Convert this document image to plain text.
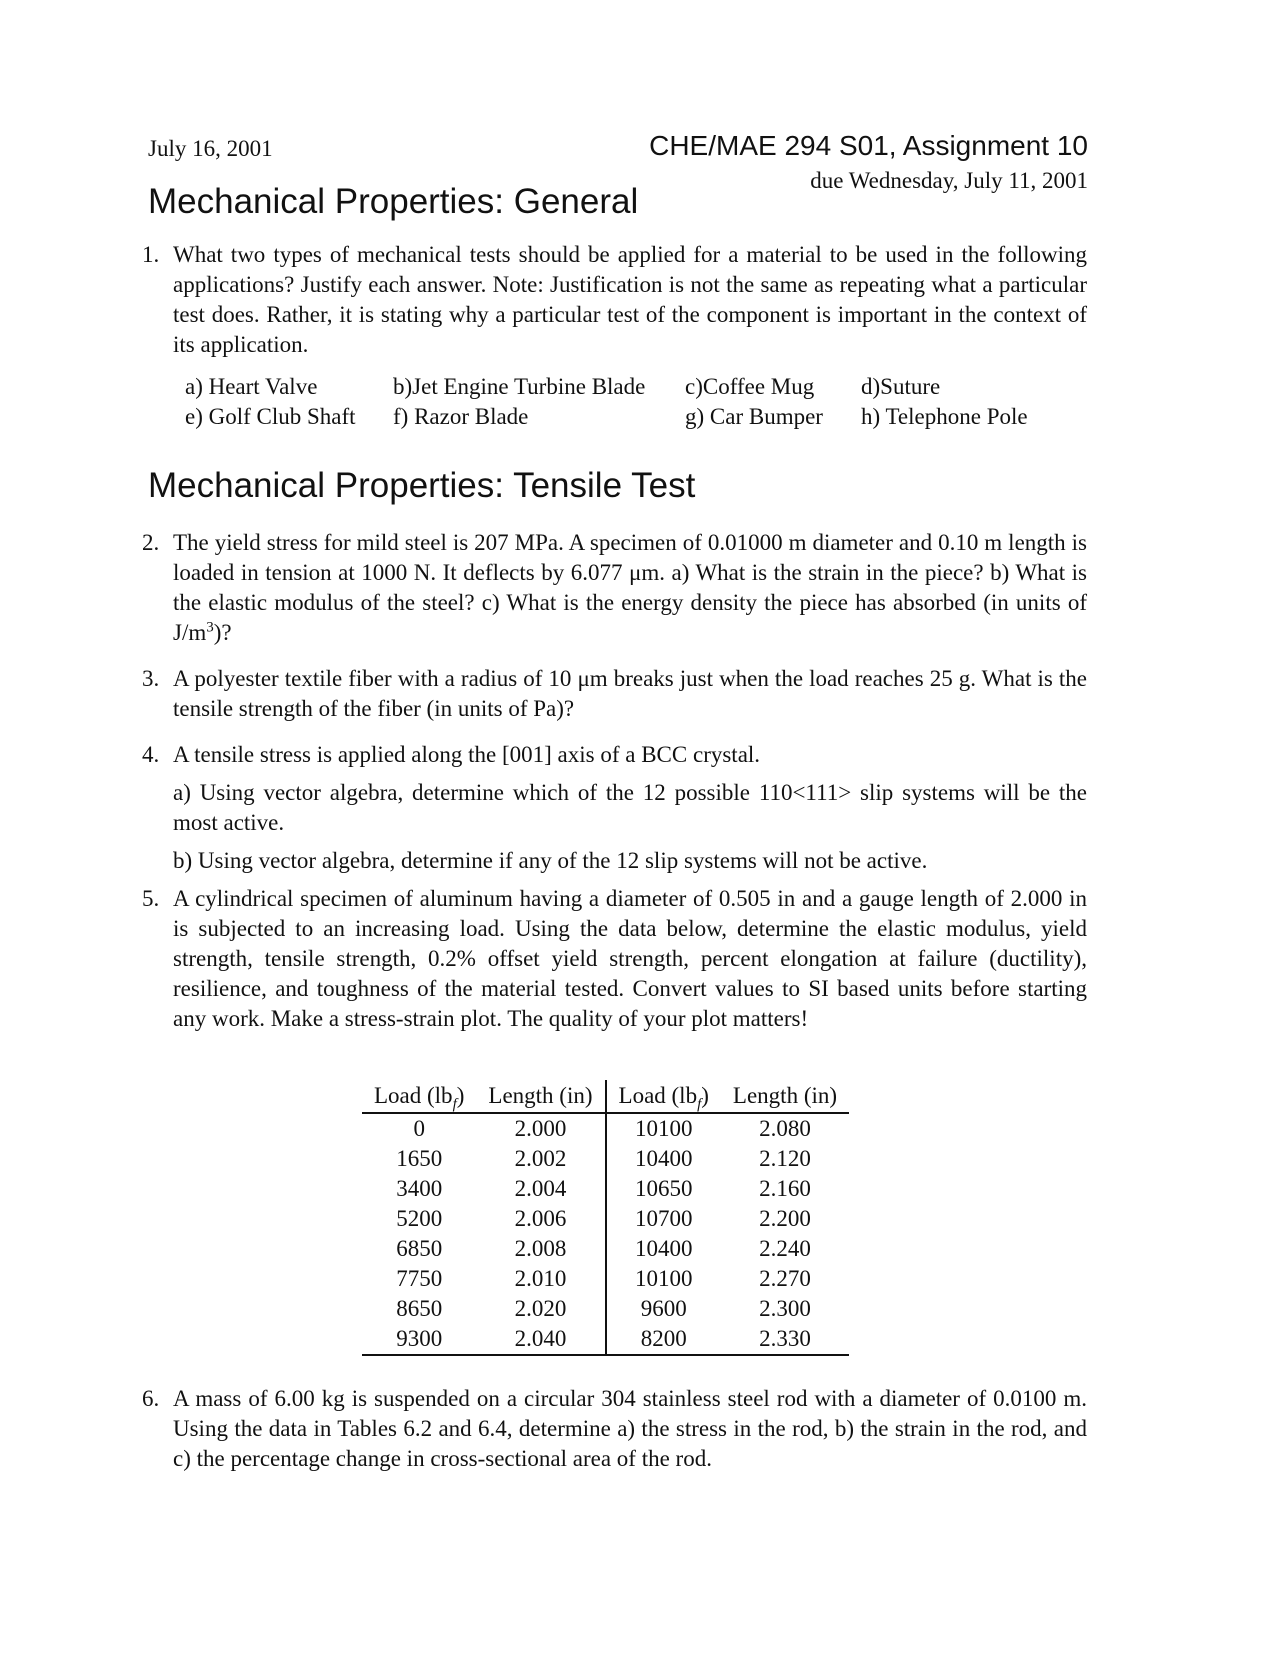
July 16, 2001	CHE/MAE 294 S01, Assignment 10
due Wednesday, July 11, 2001
Mechanical Properties: General
1. What two types of mechanical tests should be applied for a material to be used in the following applications? Justify each answer. Note: Justification is not the same as repeating what a particular test does. Rather, it is stating why a particular test of the component is important in the context of its application.
a) Heart Valve	b)Jet Engine Turbine Blade c)Coffee Mug d)Suture
e) Golf Club Shaft f) Razor Blade	g) Car Bumper h) Telephone Pole
Mechanical Properties: Tensile Test
2. The yield stress for mild steel is 207 MPa. A specimen of 0.01000 m diameter and 0.10 m length is loaded in tension at 1000 N. It deflects by 6.077 μm. a) What is the strain in the piece? b) What is the elastic modulus of the steel? c) What is the energy density the piece has absorbed (in units of $J/m^3$)?
3. A polyester textile fiber with a radius of 10 μm breaks just when the load reaches 25 g. What is the tensile strength of the fiber (in units of Pa)?
4. A tensile stress is applied along the [001] axis of a BCC crystal.
a) Using vector algebra, determine which of the 12 possible 110<111> slip systems will be the most active.
b) Using vector algebra, determine if any of the 12 slip systems will not be active.
5. A cylindrical specimen of aluminum having a diameter of 0.505 in and a gauge length of 2.000 in is subjected to an increasing load. Using the data below, determine the elastic modulus, yield strength, tensile strength, 0.2% offset yield strength, percent elongation at failure (ductility), resilience, and toughness of the material tested. Convert values to SI based units before starting any work. Make a stress-strain plot. The quality of your plot matters!
Load $(lb_f)$	Length (in)	Load $(lb_f)$	Length (in)
0	2.000	10100	2.080
1650	2.002	10400	2.120
3400	2.004	10650	2.160
5200	2.006	10700	2.200
6850	2.008	10400	2.240
7750	2.010	10100	2.270
8650	2.020	9600	2.300
9300	2.040	8200	2.330
6. A mass of 6.00 kg is suspended on a circular 304 stainless steel rod with a diameter of 0.0100 m. Using the data in Tables 6.2 and 6.4, determine a) the stress in the rod, b) the strain in the rod, and c) the percentage change in cross-sectional area of the rod.
